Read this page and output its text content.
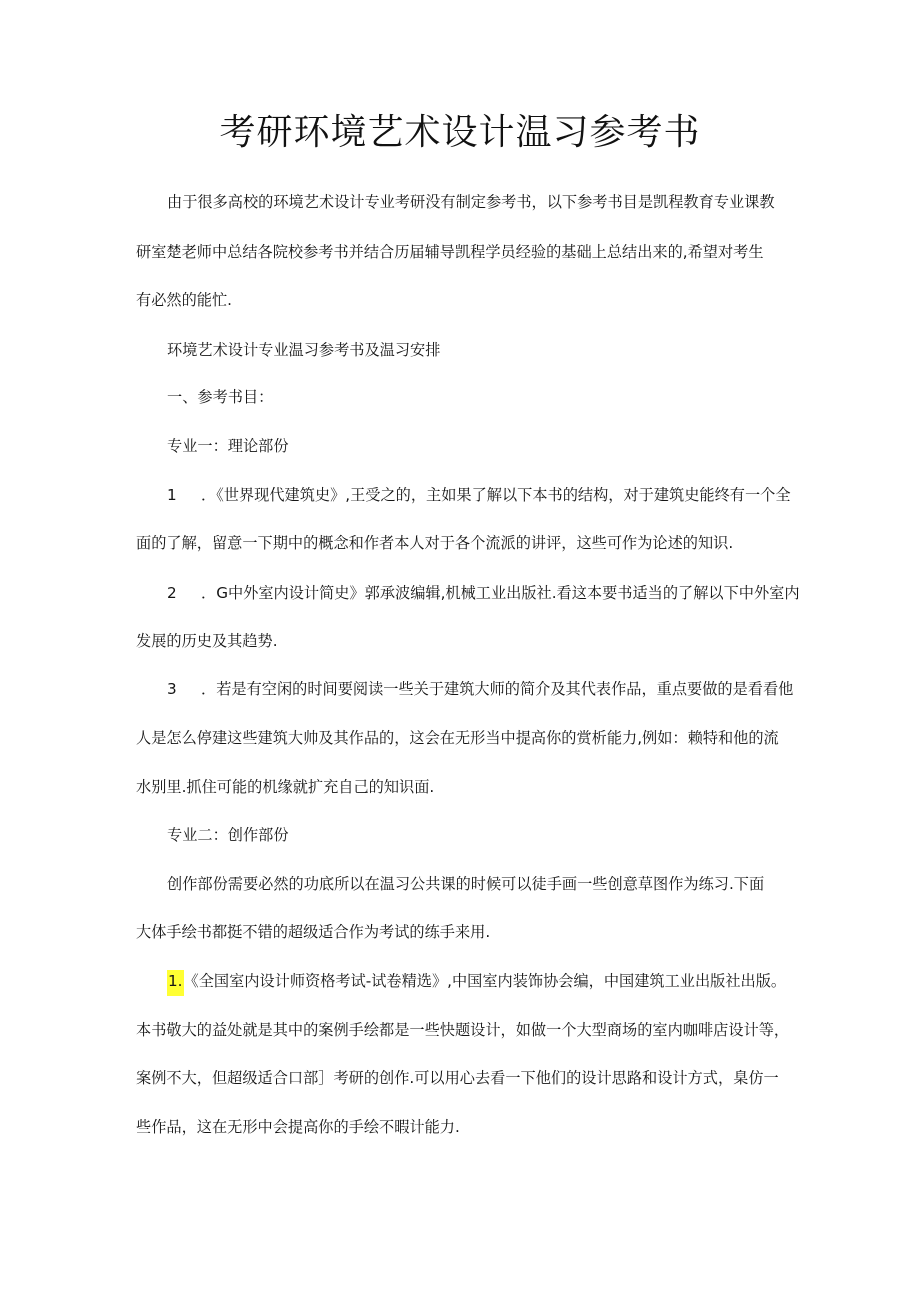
考研环境艺术设计温习参考书
由于很多高校的环境艺术设计专业考研没有制定参考书，以下参考书目是凯程教育专业课教
研室楚老师中总结各院校参考书并结合历届辅导凯程学员经验的基础上总结出来的,希望对考生
有必然的能忙.
环境艺术设计专业温习参考书及温习安排
一、参考书目：
专业一：理论部份
1 ．《世界现代建筑史》,王受之的，主如果了解以下本书的结构，对于建筑史能终有一个全
面的了解，留意一下期中的概念和作者本人对于各个流派的讲评，这些可作为论述的知识.
2 ．G中外室内设计简史》郭承波编辑,机械工业出版社.看这本要书适当的了解以下中外室内
发展的历史及其趋势.
3 ．若是有空闲的时间要阅读一些关于建筑大师的简介及其代表作品，重点要做的是看看他
人是怎么停建这些建筑大帅及其作品的，这会在无形当中提高你的赏析能力,例如：赖特和他的流
水别里.抓住可能的机缘就扩充自己的知识面.
专业二：创作部份
创作部份需要必然的功底所以在温习公共课的时候可以徒手画一些创意草图作为练习.下面
大体手绘书都挺不错的超级适合作为考试的练手来用.
1.《全国室内设计师资格考试-试卷精选》,中国室内装饰协会编，中国建筑工业出版社出版。
本书敬大的益处就是其中的案例手绘都是一些快题设计，如做一个大型商场的室内咖啡店设计等，
案例不大，但超级适合口部］考研的创作.可以用心去看一下他们的设计思路和设计方式，臬仿一
些作品，这在无形中会提高你的手绘不暇计能力.
